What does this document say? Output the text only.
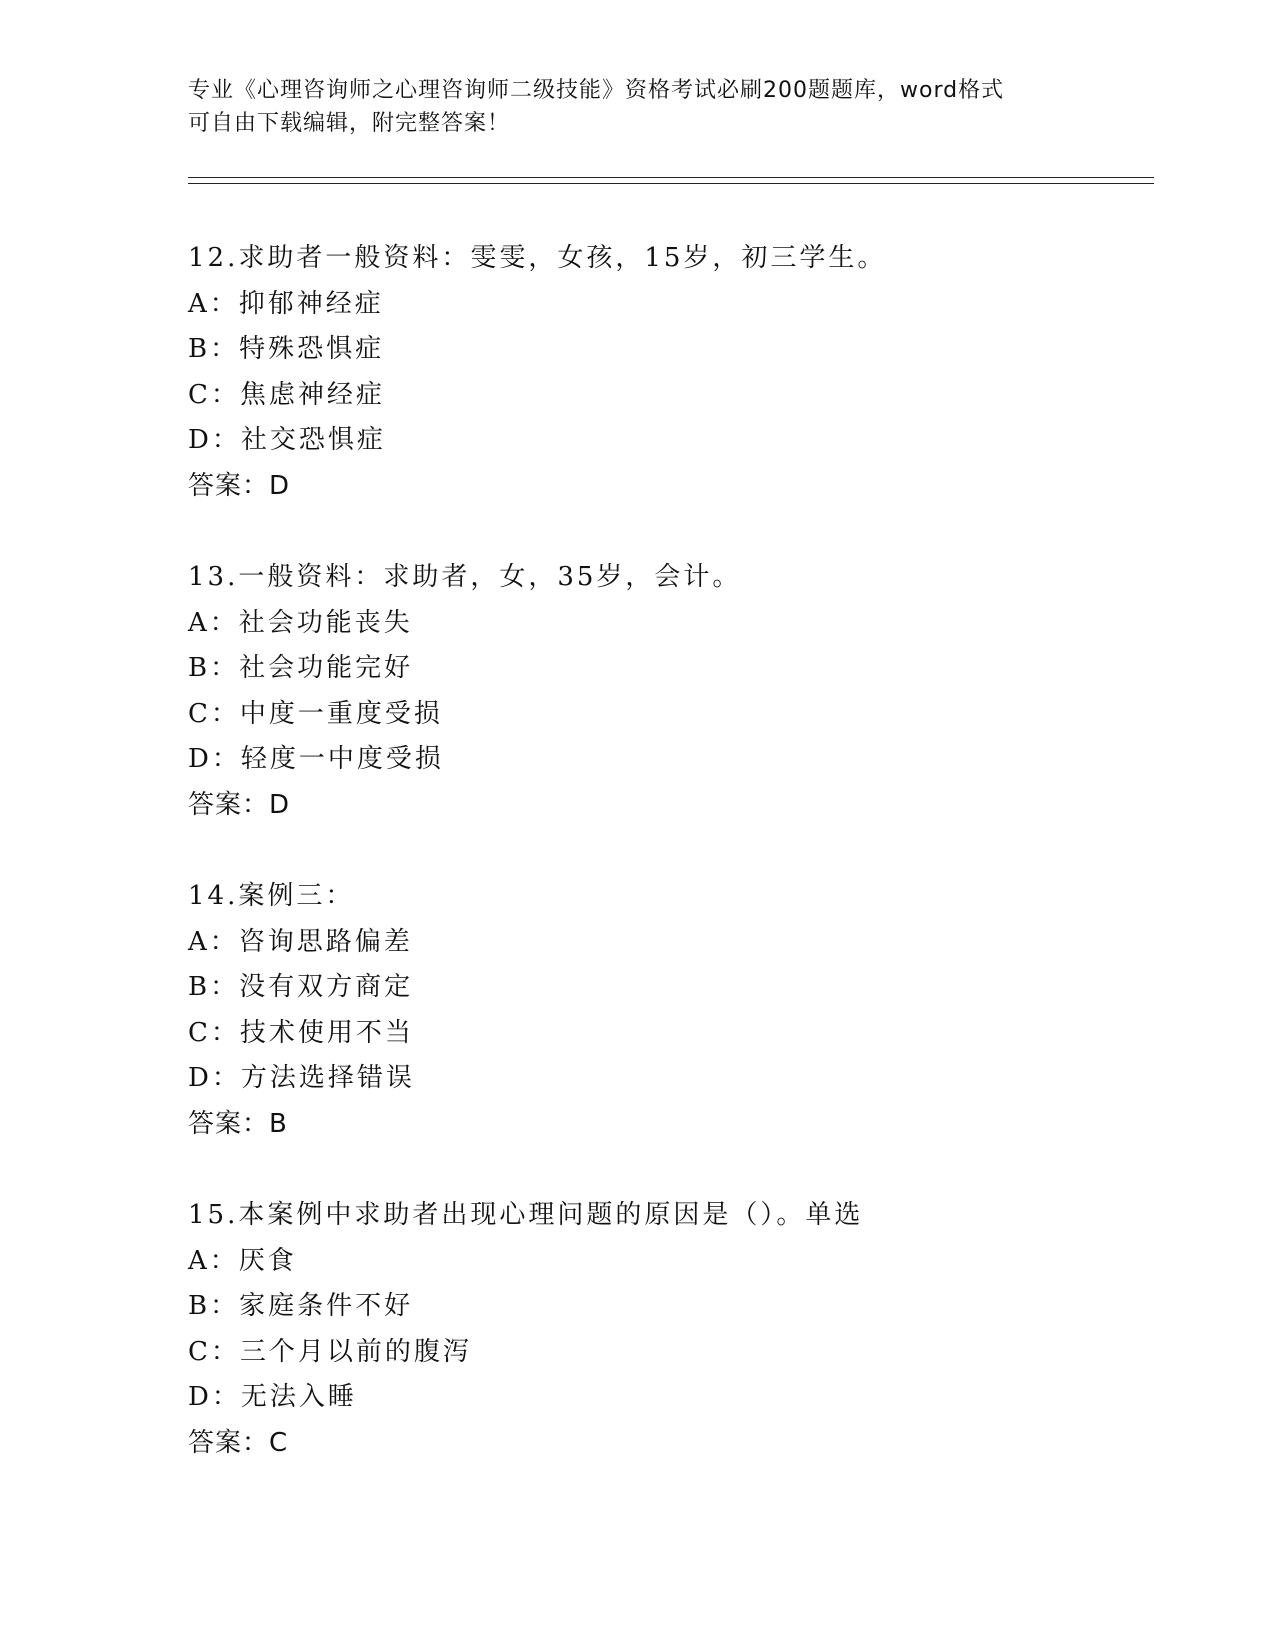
专业《心理咨询师之心理咨询师二级技能》资格考试必刷200题题库，word格式
可自由下载编辑，附完整答案！
12.求助者一般资料：雯雯，女孩，15岁，初三学生。
A：抑郁神经症
B：特殊恐惧症
C：焦虑神经症
D：社交恐惧症
答案：D
13.一般资料：求助者，女，35岁，会计。
A：社会功能丧失
B：社会功能完好
C：中度一重度受损
D：轻度一中度受损
答案：D
14.案例三：
A：咨询思路偏差
B：没有双方商定
C：技术使用不当
D：方法选择错误
答案：B
15.本案例中求助者出现心理问题的原因是（）。单选
A：厌食
B：家庭条件不好
C：三个月以前的腹泻
D：无法入睡
答案：C
